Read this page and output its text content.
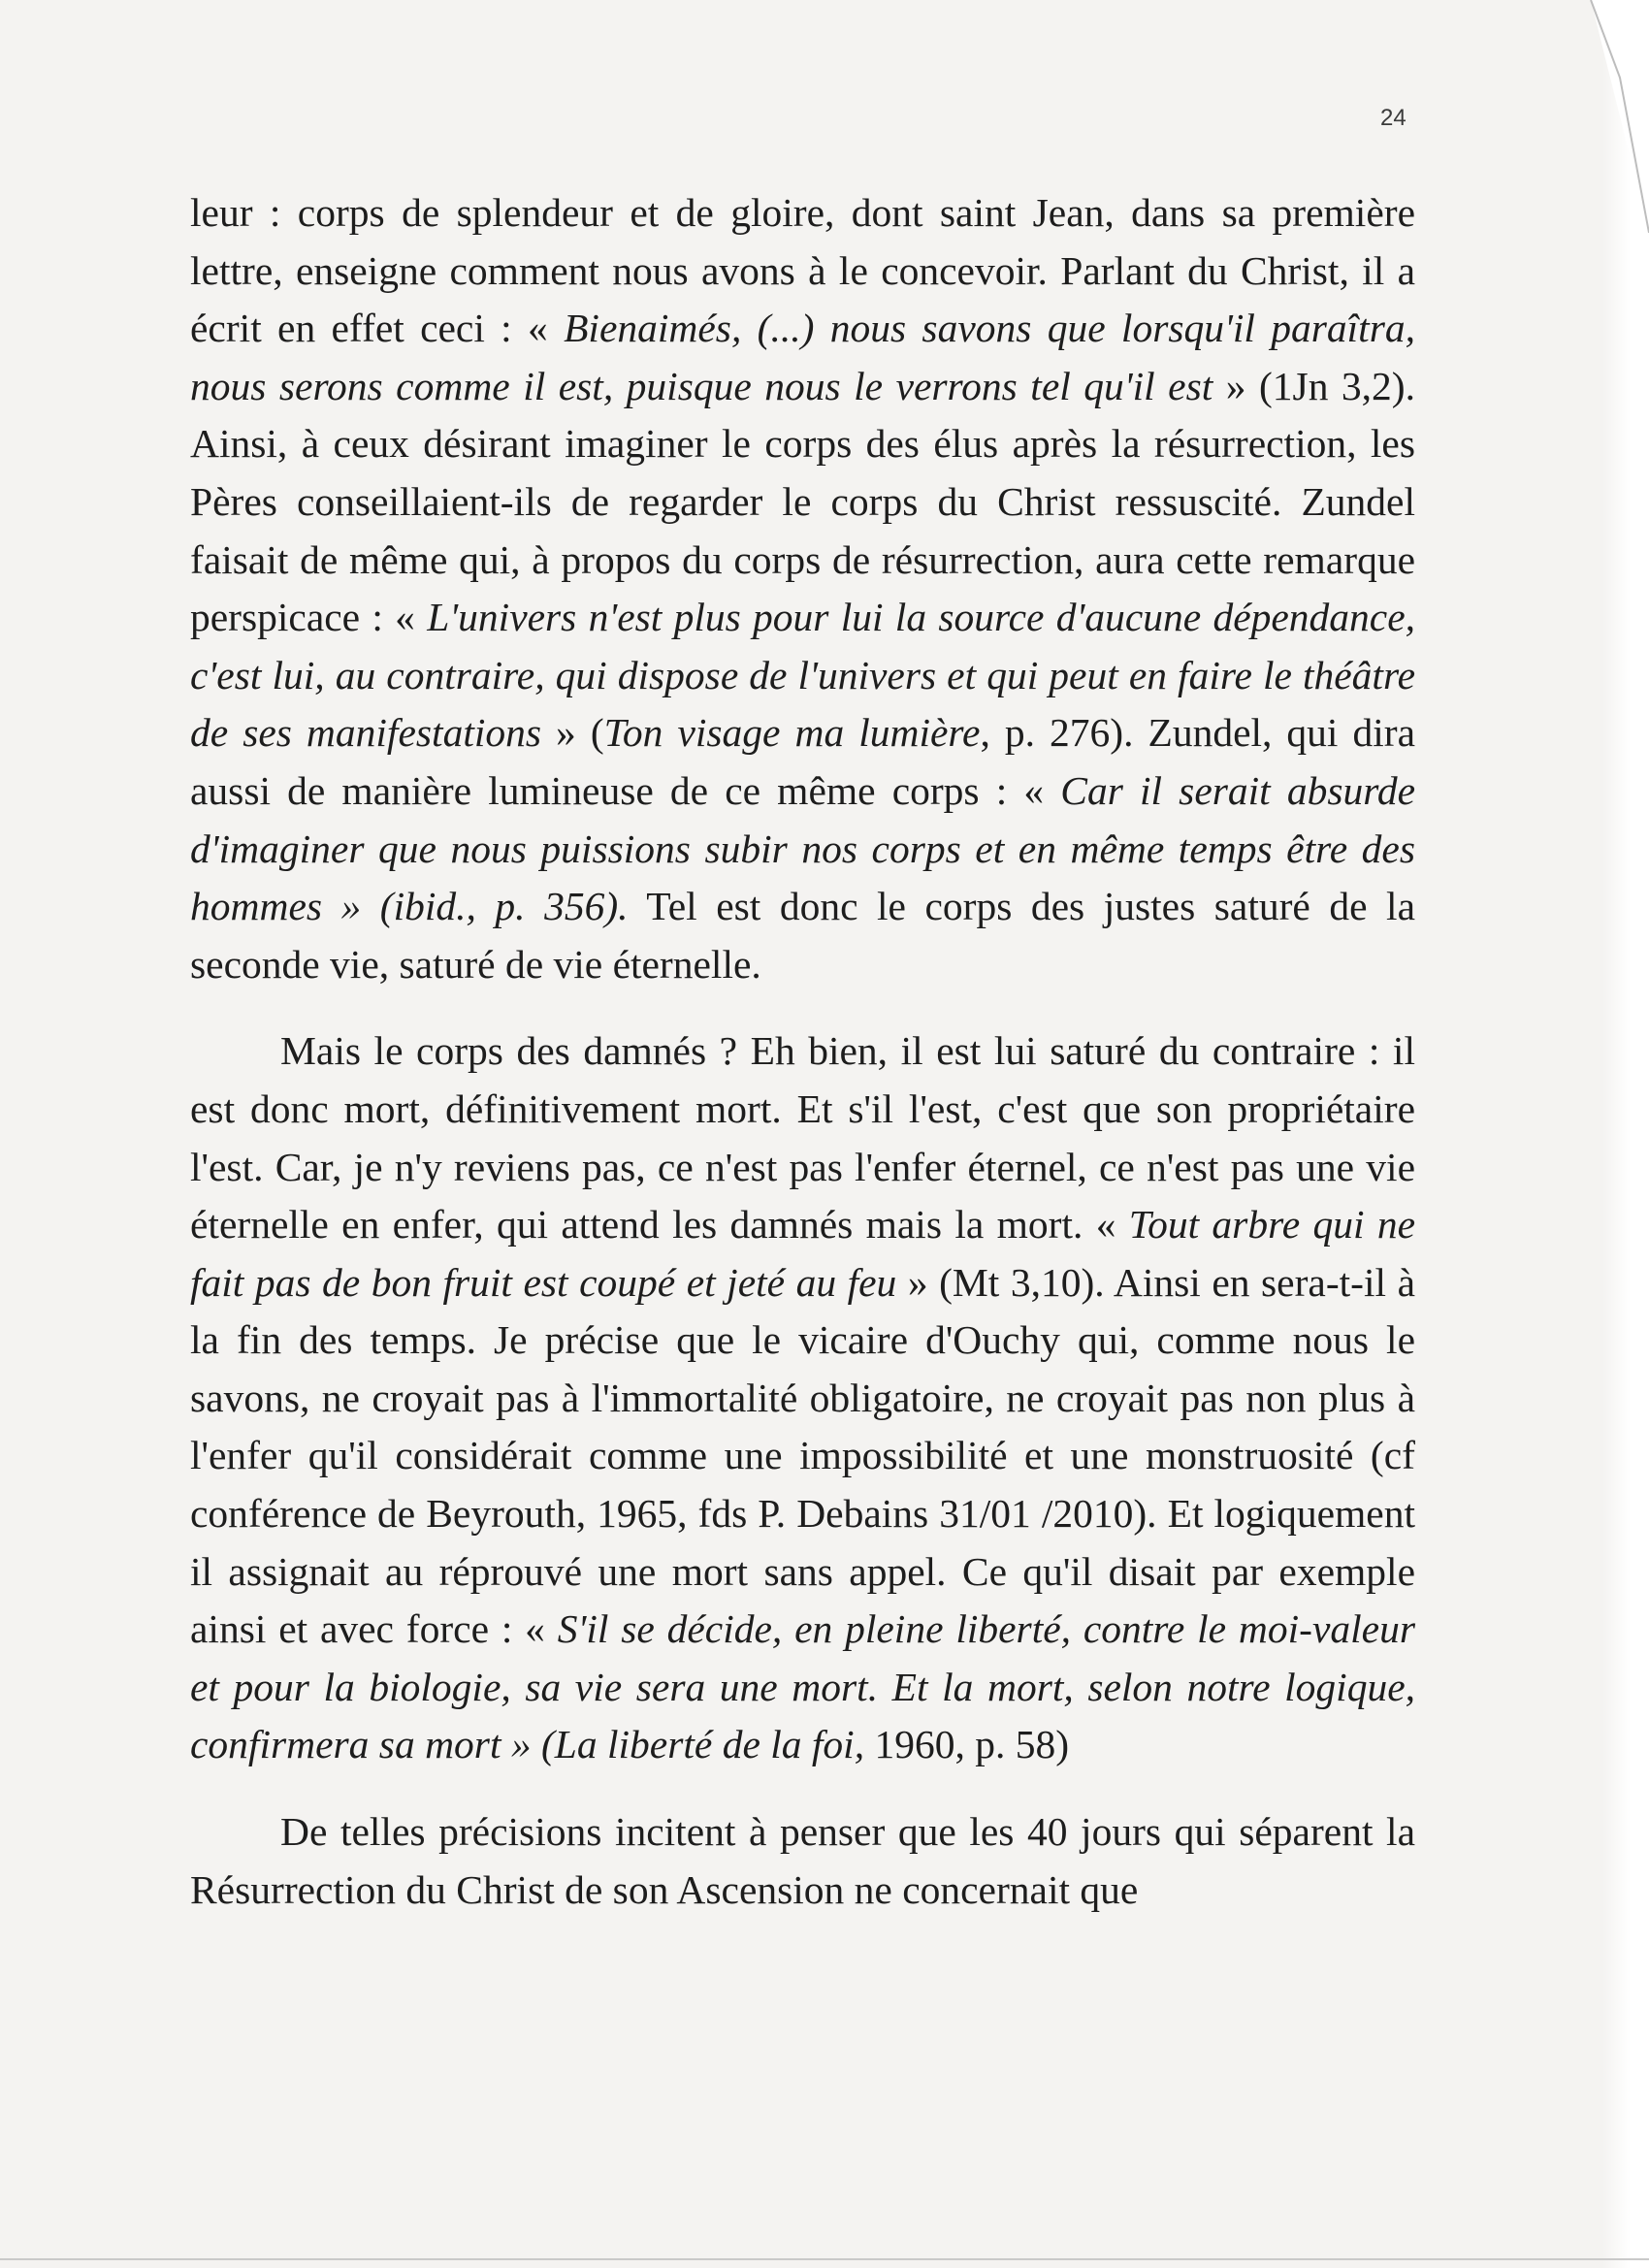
24

leur : corps de splendeur et de gloire, dont saint Jean, dans sa première lettre, enseigne comment nous avons à le concevoir. Parlant du Christ, il a écrit en effet ceci : « Bienaimés, (...) nous savons que lorsqu'il paraîtra, nous serons comme il est, puisque nous le verrons tel qu'il est » (1Jn 3,2). Ainsi, à ceux désirant imaginer le corps des élus après la résurrection, les Pères conseillaient-ils de regarder le corps du Christ ressuscité. Zundel faisait de même qui, à propos du corps de résurrection, aura cette remarque perspicace : « L'univers n'est plus pour lui la source d'aucune dépendance, c'est lui, au contraire, qui dispose de l'univers et qui peut en faire le théâtre de ses manifestations » (Ton visage ma lumière, p. 276). Zundel, qui dira aussi de manière lumineuse de ce même corps : « Car il serait absurde d'imaginer que nous puissions subir nos corps et en même temps être des hommes » (ibid., p. 356). Tel est donc le corps des justes saturé de la seconde vie, saturé de vie éternelle.

Mais le corps des damnés ? Eh bien, il est lui saturé du contraire : il est donc mort, définitivement mort. Et s'il l'est, c'est que son propriétaire l'est. Car, je n'y reviens pas, ce n'est pas l'enfer éternel, ce n'est pas une vie éternelle en enfer, qui attend les damnés mais la mort. « Tout arbre qui ne fait pas de bon fruit est coupé et jeté au feu » (Mt 3,10). Ainsi en sera-t-il à la fin des temps. Je précise que le vicaire d'Ouchy qui, comme nous le savons, ne croyait pas à l'immortalité obligatoire, ne croyait pas non plus à l'enfer qu'il considérait comme une impossibilité et une monstruosité (cf conférence de Beyrouth, 1965, fds P. Debains 31/01 /2010). Et logiquement il assignait au réprouvé une mort sans appel. Ce qu'il disait par exemple ainsi et avec force : « S'il se décide, en pleine liberté, contre le moi-valeur et pour la biologie, sa vie sera une mort. Et la mort, selon notre logique, confirmera sa mort » (La liberté de la foi, 1960, p. 58)

De telles précisions incitent à penser que les 40 jours qui séparent la Résurrection du Christ de son Ascension ne concernait que
